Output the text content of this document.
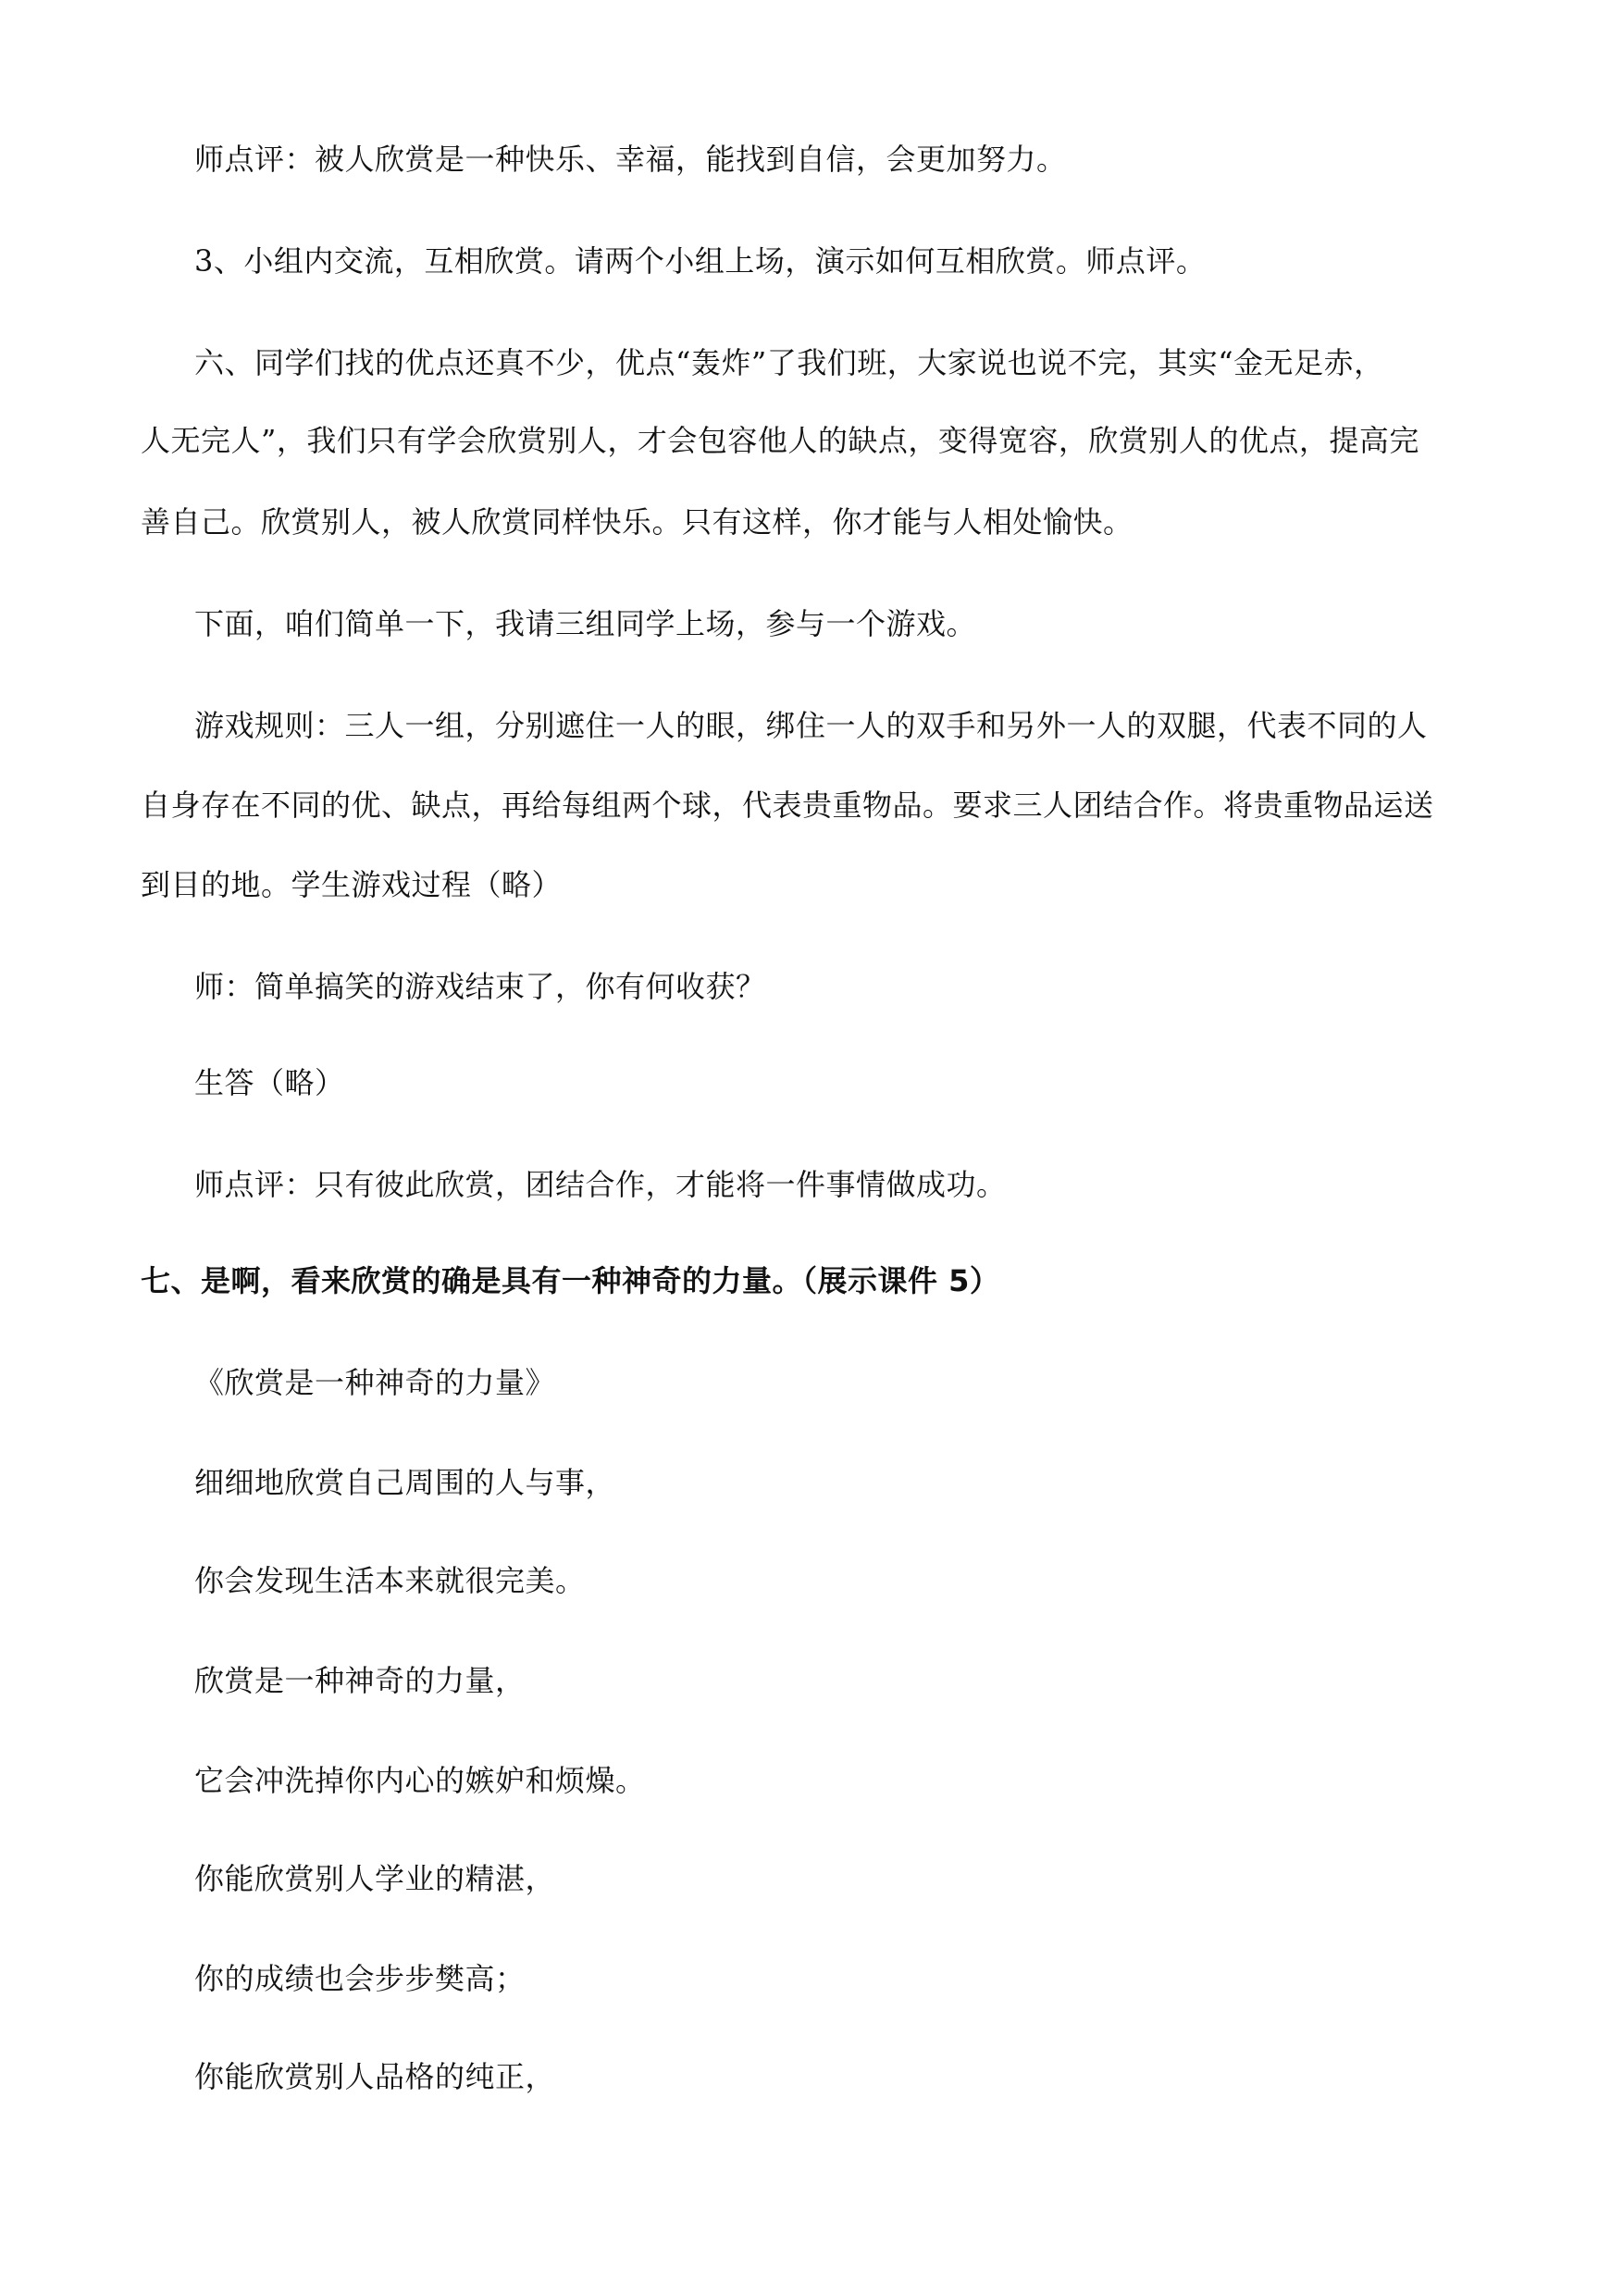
师点评：被人欣赏是一种快乐、幸福，能找到自信，会更加努力。

3、小组内交流，互相欣赏。请两个小组上场，演示如何互相欣赏。师点评。

六、同学们找的优点还真不少，优点“轰炸”了我们班，大家说也说不完，其实“金无足赤，

人无完人”，我们只有学会欣赏别人，才会包容他人的缺点，变得宽容，欣赏别人的优点，提高完

善自己。欣赏别人，被人欣赏同样快乐。只有这样，你才能与人相处愉快。

下面，咱们简单一下，我请三组同学上场，参与一个游戏。

游戏规则：三人一组，分别遮住一人的眼，绑住一人的双手和另外一人的双腿，代表不同的人

自身存在不同的优、缺点，再给每组两个球，代表贵重物品。要求三人团结合作。将贵重物品运送

到目的地。学生游戏过程（略）

师：简单搞笑的游戏结束了，你有何收获？

生答（略）

师点评：只有彼此欣赏，团结合作，才能将一件事情做成功。

七、是啊，看来欣赏的确是具有一种神奇的力量。（展示课件 5）

《欣赏是一种神奇的力量》

细细地欣赏自己周围的人与事，

你会发现生活本来就很完美。

欣赏是一种神奇的力量，

它会冲洗掉你内心的嫉妒和烦燥。

你能欣赏别人学业的精湛，

你的成绩也会步步樊高；

你能欣赏别人品格的纯正，
